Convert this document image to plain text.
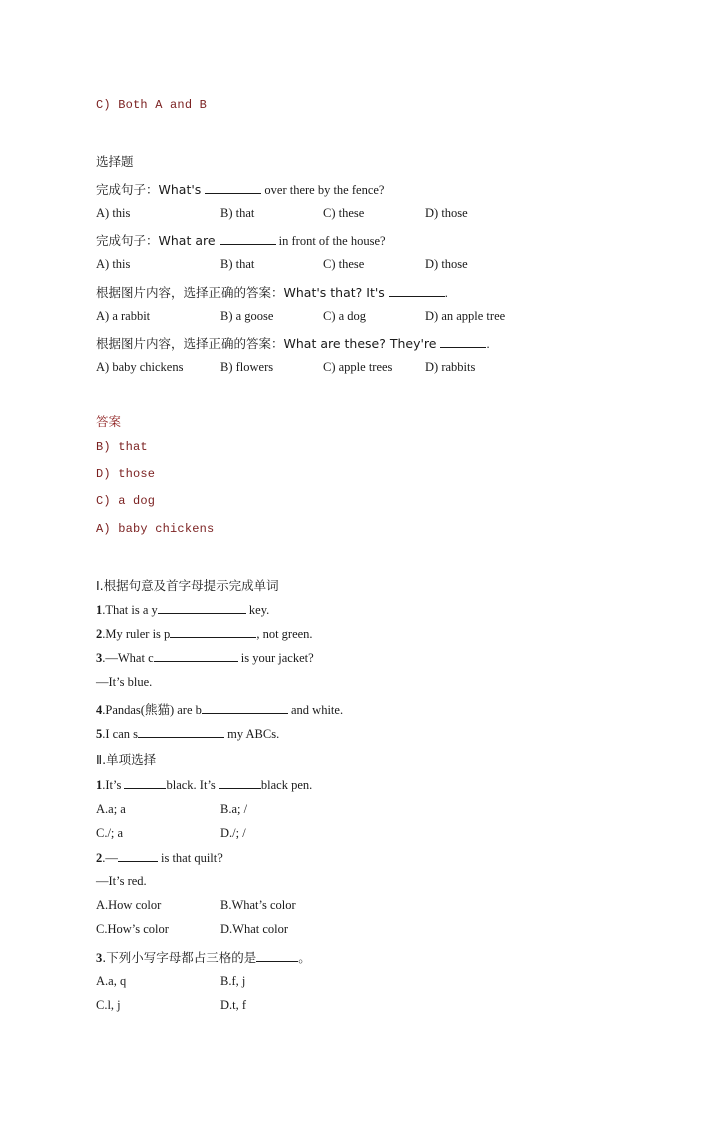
C) Both A and B
选择题
完成句子：What's	over there by the fence?
A) this	B) that	C) these	D) those
完成句子：What are	in front of the house?
A) this	B) that	C) these	D) those
根据图片内容，选择正确的答案：What's that? It's	.
A) a rabbit	B) a goose	C) a dog	D) an apple tree
根据图片内容，选择正确的答案：What are these? They're	.
A) baby chickens	B) flowers	C) apple trees	D) rabbits
答案
B) that
D) those
C) a dog
A) baby chickens
Ⅰ.根据句意及首字母提示完成单词
1.That is a y	key.
2.My ruler is p	, not green.
3.—What c	is your jacket?
—It’s blue.
4.Pandas(熊猫) are b	and white.
5.I can s	my ABCs.
Ⅱ.单项选择
1.It’s	black. It’s	black pen.
A.a; a	B.a; /
C./; a	D./; /
2.—	is that quilt?
—It’s red.
A.How color	B.What’s color
C.How’s color	D.What color
3.下列小写字母都占三格的是	。
A.a, q	B.f, j
C.l, j	D.t, f
